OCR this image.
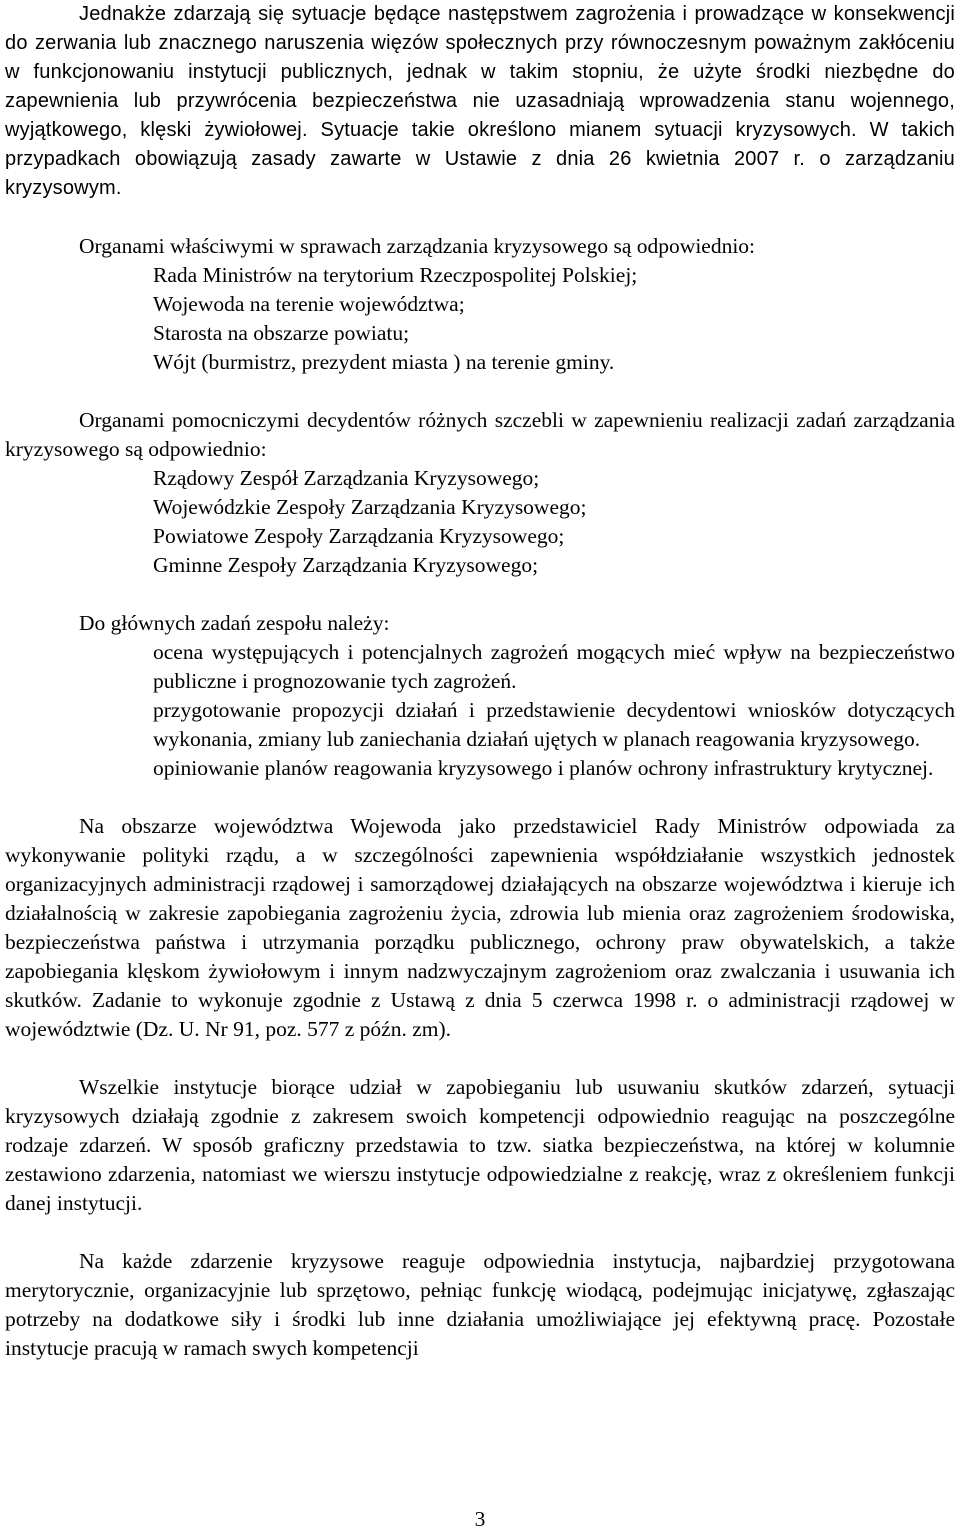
Jednakże zdarzają się sytuacje będące następstwem zagrożenia i prowadzące w konsekwencji do zerwania lub znacznego naruszenia więzów społecznych przy równoczesnym poważnym zakłóceniu w funkcjonowaniu instytucji publicznych, jednak w takim stopniu, że użyte środki niezbędne do zapewnienia lub przywrócenia bezpieczeństwa nie uzasadniają wprowadzenia stanu wojennego, wyjątkowego, klęski żywiołowej. Sytuacje takie określono mianem sytuacji kryzysowych. W takich przypadkach obowiązują zasady zawarte w Ustawie z dnia 26 kwietnia 2007 r. o zarządzaniu kryzysowym.

Organami właściwymi w sprawach zarządzania kryzysowego są odpowiednio:

Rada Ministrów na terytorium Rzeczpospolitej Polskiej;
Wojewoda na terenie województwa;
Starosta na obszarze powiatu;
Wójt (burmistrz, prezydent miasta ) na terenie gminy.

Organami pomocniczymi decydentów różnych szczebli w zapewnieniu realizacji zadań zarządzania kryzysowego są odpowiednio:

Rządowy Zespół Zarządzania Kryzysowego;
Wojewódzkie Zespoły Zarządzania Kryzysowego;
Powiatowe Zespoły Zarządzania Kryzysowego;
Gminne Zespoły Zarządzania Kryzysowego;

Do głównych zadań zespołu należy:

ocena występujących i potencjalnych zagrożeń mogących mieć wpływ na bezpieczeństwo publiczne i prognozowanie tych zagrożeń.
przygotowanie propozycji działań i przedstawienie decydentowi wniosków dotyczących wykonania, zmiany lub zaniechania działań ujętych w planach reagowania kryzysowego.
opiniowanie planów reagowania kryzysowego i planów ochrony infrastruktury krytycznej.

Na obszarze województwa Wojewoda jako przedstawiciel Rady Ministrów odpowiada za wykonywanie polityki rządu, a w szczególności zapewnienia współdziałanie wszystkich jednostek organizacyjnych administracji rządowej i samorządowej działających na obszarze województwa i kieruje ich działalnością w zakresie zapobiegania zagrożeniu życia, zdrowia lub mienia oraz zagrożeniem środowiska, bezpieczeństwa państwa i utrzymania porządku publicznego, ochrony praw obywatelskich, a także zapobiegania klęskom żywiołowym i innym nadzwyczajnym zagrożeniom oraz zwalczania i usuwania ich skutków. Zadanie to wykonuje zgodnie z Ustawą z dnia 5 czerwca 1998 r. o administracji rządowej w województwie (Dz. U. Nr 91, poz. 577 z późn. zm).

Wszelkie instytucje biorące udział w zapobieganiu lub usuwaniu skutków zdarzeń, sytuacji kryzysowych działają zgodnie z zakresem swoich kompetencji odpowiednio reagując na poszczególne rodzaje zdarzeń. W sposób graficzny przedstawia to tzw. siatka bezpieczeństwa, na której w kolumnie zestawiono zdarzenia, natomiast we wierszu instytucje odpowiedzialne z reakcję, wraz z określeniem funkcji danej instytucji.

Na każde zdarzenie kryzysowe reaguje odpowiednia instytucja, najbardziej przygotowana merytorycznie, organizacyjnie lub sprzętowo, pełniąc funkcję wiodącą, podejmując inicjatywę, zgłaszając potrzeby na dodatkowe siły i środki lub inne działania umożliwiające jej efektywną pracę. Pozostałe instytucje pracują w ramach swych kompetencji

3
